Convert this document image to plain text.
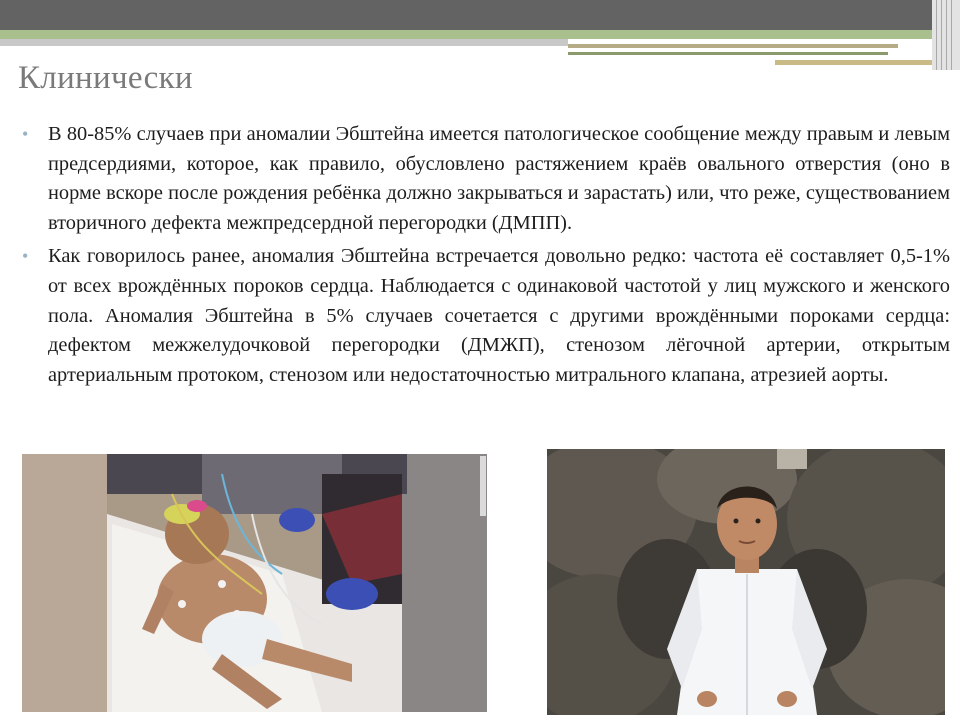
Клинически
• В 80-85% случаев при аномалии Эбштейна имеется патологическое сообщение между правым и левым предсердиями, которое, как правило, обусловлено растяжением краёв овального отверстия (оно в норме вскоре после рождения ребёнка должно закрываться и зарастать) или, что реже, существованием вторичного дефекта межпредсердной перегородки (ДМПП).

• Как говорилось ранее, аномалия Эбштейна встречается довольно редко: частота её составляет 0,5-1% от всех врождённых пороков сердца. Наблюдается с одинаковой частотой у лиц мужского и женского пола. Аномалия Эбштейна в 5% случаев сочетается с другими врождёнными пороками сердца: дефектом межжелудочковой перегородки (ДМЖП), стенозом лёгочной артерии, открытым артериальным протоком, стенозом или недостаточностью митрального клапана, атрезией аорты.
